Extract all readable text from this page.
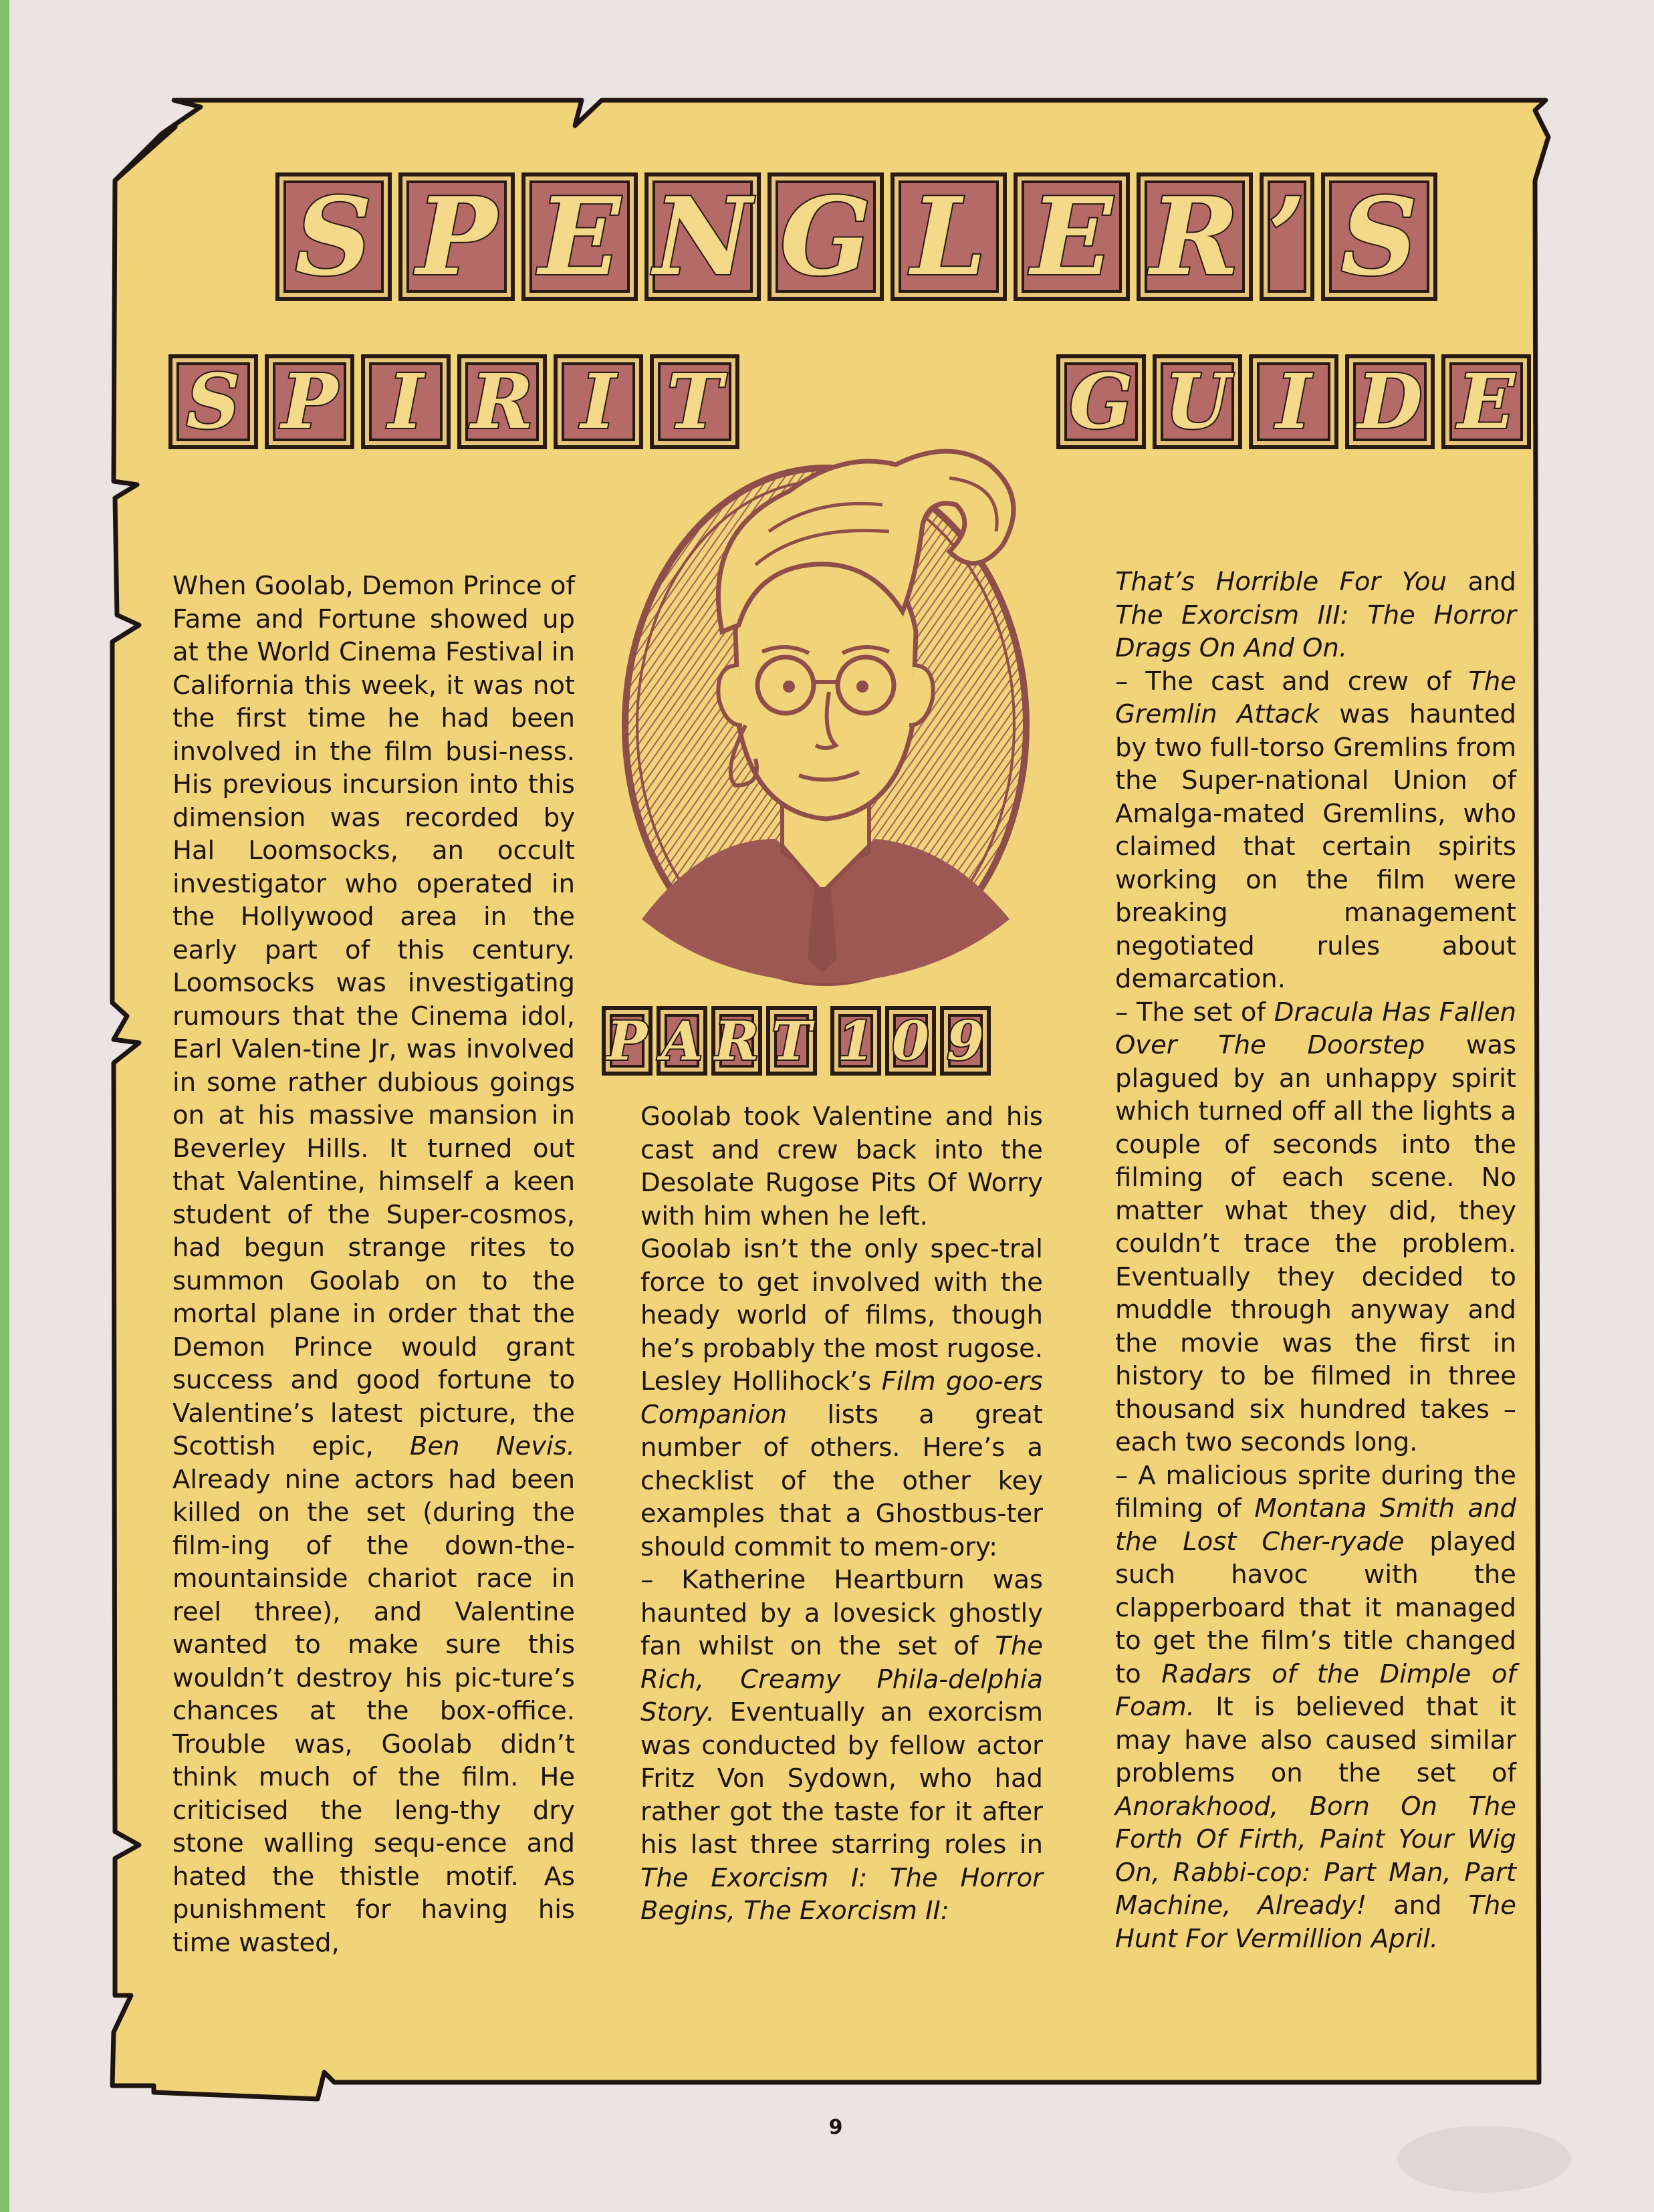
S P E N G L E R ’ S
S P I R I T	G U I D E
P A R T 1 0 9

When Goolab, Demon Prince of Fame and Fortune showed up at the World Cinema Festival in California this week, it was not the first time he had been involved in the film busi-ness. His previous incursion into this dimension was recorded by Hal Loomsocks, an occult investigator who operated in the Hollywood area in the early part of this century. Loomsocks was investigating rumours that the Cinema idol, Earl Valen-tine Jr, was involved in some rather dubious goings on at his massive mansion in Beverley Hills. It turned out that Valentine, himself a keen student of the Super-cosmos, had begun strange rites to summon Goolab on to the mortal plane in order that the Demon Prince would grant success and good fortune to Valentine’s latest picture, the Scottish epic, Ben Nevis. Already nine actors had been killed on the set (during the film-ing of the down-the-mountainside chariot race in reel three), and Valentine wanted to make sure this wouldn’t destroy his pic-ture’s chances at the box-office. Trouble was, Goolab didn’t think much of the film. He criticised the leng-thy dry stone walling sequ-ence and hated the thistle motif. As punishment for having his time wasted,

Goolab took Valentine and his cast and crew back into the Desolate Rugose Pits Of Worry with him when he left.

Goolab isn’t the only spec-tral force to get involved with the heady world of films, though he’s probably the most rugose. Lesley Hollihock’s Film goo-ers Companion lists a great number of others. Here’s a checklist of the other key examples that a Ghostbus-ter should commit to mem-ory:

– Katherine Heartburn was haunted by a lovesick ghostly fan whilst on the set of The Rich, Creamy Phila-delphia Story. Eventually an exorcism was conducted by fellow actor Fritz Von Sydown, who had rather got the taste for it after his last three starring roles in The Exorcism I: The Horror Begins, The Exorcism II:

That’s Horrible For You and The Exorcism III: The Horror Drags On And On.

– The cast and crew of The Gremlin Attack was haunted by two full-torso Gremlins from the Super-national Union of Amalga-mated Gremlins, who claimed that certain spirits working on the film were breaking management negotiated rules about demarcation.

– The set of Dracula Has Fallen Over The Doorstep was plagued by an unhappy spirit which turned off all the lights a couple of seconds into the filming of each scene. No matter what they did, they couldn’t trace the problem. Eventually they decided to muddle through anyway and the movie was the first in history to be filmed in three thousand six hundred takes – each two seconds long.

– A malicious sprite during the filming of Montana Smith and the Lost Cher-ryade played such havoc with the clapperboard that it managed to get the film’s title changed to Radars of the Dimple of Foam. It is believed that it may have also caused similar problems on the set of Anorakhood, Born On The Forth Of Firth, Paint Your Wig On, Rabbi-cop: Part Man, Part Machine, Already! and The Hunt For Vermillion April.

9
